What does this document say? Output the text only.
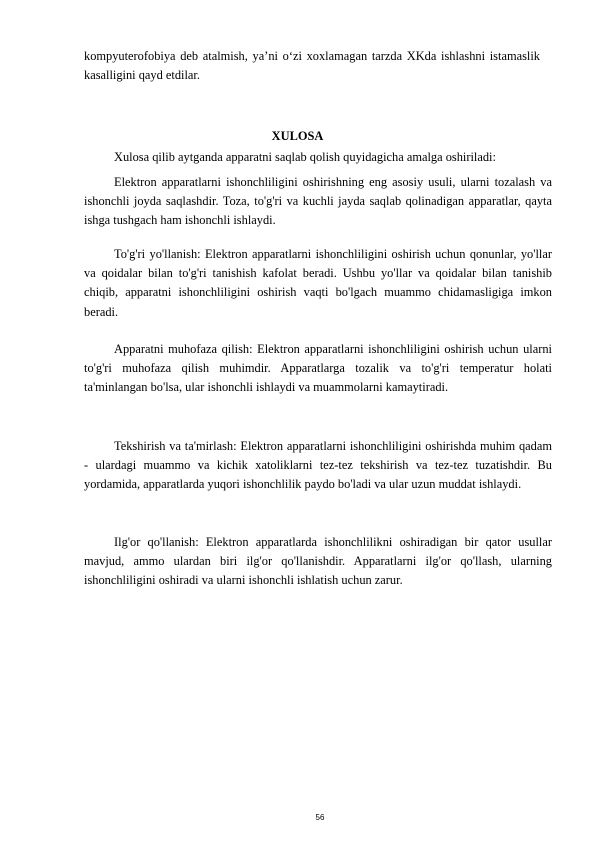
kompyuterofobiya deb atalmish, ya’ni o‘zi xoxlamagan tarzda XKda ishlashni istamaslik kasalligini qayd etdilar.

XULOSA

Xulosa qilib aytganda apparatni saqlab qolish quyidagicha amalga oshiriladi:

Elektron apparatlarni ishonchliligini oshirishning eng asosiy usuli, ularni tozalash va ishonchli joyda saqlashdir. Toza, to'g'ri va kuchli jayda saqlab qolinadigan apparatlar, qayta ishga tushgach ham ishonchli ishlaydi.

To'g'ri yo'llanish: Elektron apparatlarni ishonchliligini oshirish uchun qonunlar, yo'llar va qoidalar bilan to'g'ri tanishish kafolat beradi. Ushbu yo'llar va qoidalar bilan tanishib chiqib, apparatni ishonchliligini oshirish vaqti bo'lgach muammo chidamasligiga imkon beradi.

Apparatni muhofaza qilish: Elektron apparatlarni ishonchliligini oshirish uchun ularni to'g'ri muhofaza qilish muhimdir. Apparatlarga tozalik va to'g'ri temperatur holati ta'minlangan bo'lsa, ular ishonchli ishlaydi va muammolarni kamaytiradi.

Tekshirish va ta'mirlash: Elektron apparatlarni ishonchliligini oshirishda muhim qadam - ulardagi muammo va kichik xatoliklarni tez-tez tekshirish va tez-tez tuzatishdir. Bu yordamida, apparatlarda yuqori ishonchlilik paydo bo'ladi va ular uzun muddat ishlaydi.

Ilg'or qo'llanish: Elektron apparatlarda ishonchlilikni oshiradigan bir qator usullar mavjud, ammo ulardan biri ilg'or qo'llanishdir. Apparatlarni ilg'or qo'llash, ularning ishonchliligini oshiradi va ularni ishonchli ishlatish uchun zarur.

56
